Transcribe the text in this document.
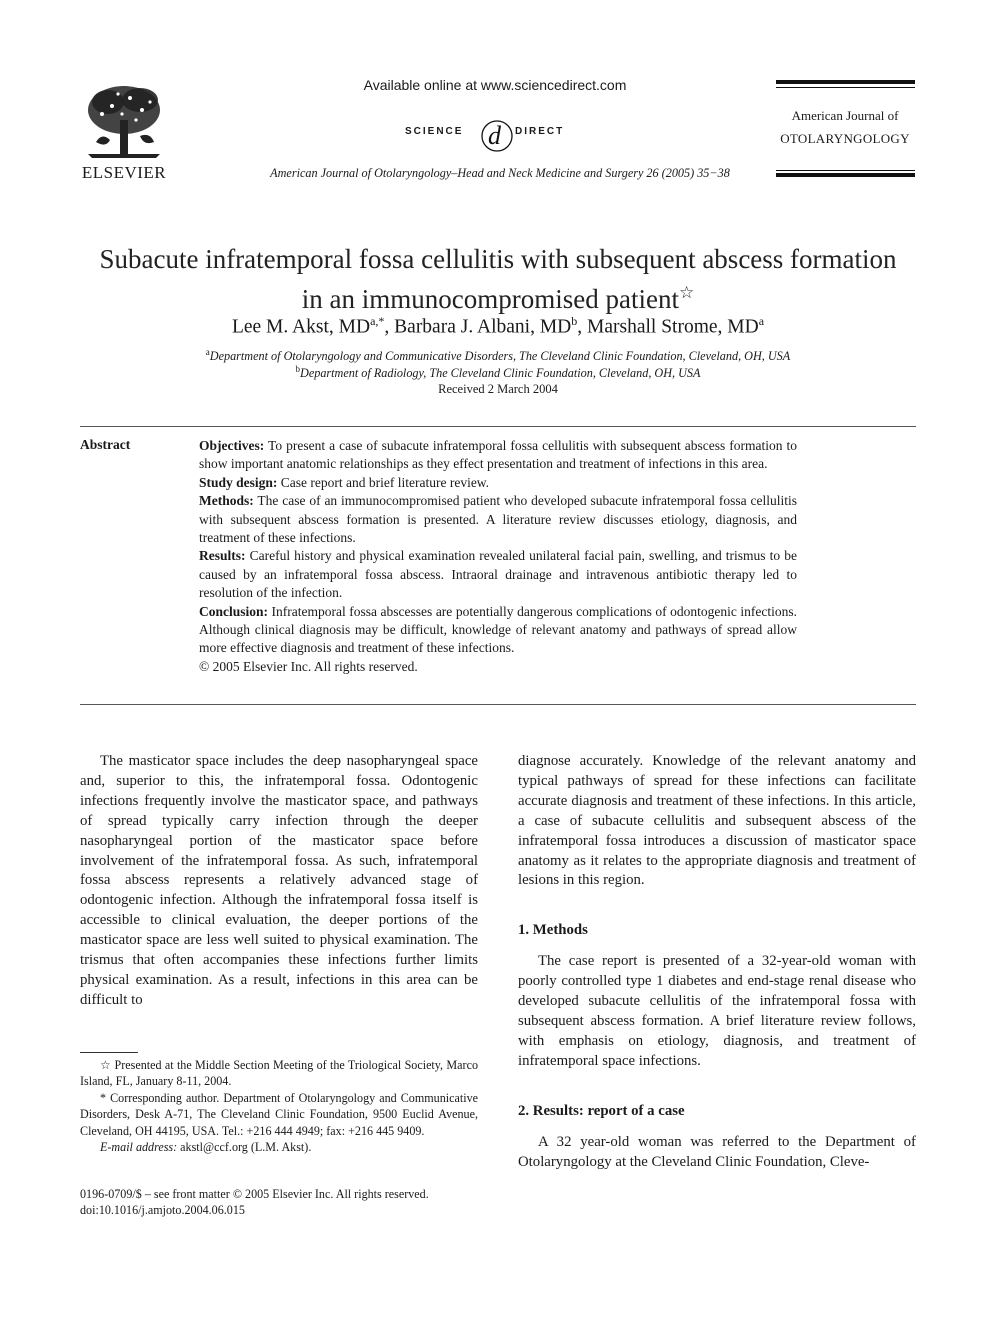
ELSEVIER
Available online at www.sciencedirect.com
SCIENCE d DIRECT
American Journal of Otolaryngology–Head and Neck Medicine and Surgery 26 (2005) 35−38
American Journal of
OTOLARYNGOLOGY
Subacute infratemporal fossa cellulitis with subsequent abscess formation
in an immunocompromised patient☆
Lee M. Akst, $MD^{a,*}$, Barbara J. Albani, $MD^b$, Marshall Strome, $MD^a$
$^a$Department of Otolaryngology and Communicative Disorders, The Cleveland Clinic Foundation, Cleveland, OH, USA
$^b$Department of Radiology, The Cleveland Clinic Foundation, Cleveland, OH, USA
Received 2 March 2004
Abstract	Objectives: To present a case of subacute infratemporal fossa cellulitis with subsequent abscess formation to show important anatomic relationships as they effect presentation and treatment of infections in this area.

Study design: Case report and brief literature review.

Methods: The case of an immunocompromised patient who developed subacute infratemporal fossa cellulitis with subsequent abscess formation is presented. A literature review discusses etiology, diagnosis, and treatment of these infections.

Results: Careful history and physical examination revealed unilateral facial pain, swelling, and trismus to be caused by an infratemporal fossa abscess. Intraoral drainage and intravenous antibiotic therapy led to resolution of the infection.

Conclusion: Infratemporal fossa abscesses are potentially dangerous complications of odontogenic infections. Although clinical diagnosis may be difficult, knowledge of relevant anatomy and pathways of spread allow more effective diagnosis and treatment of these infections.

© 2005 Elsevier Inc. All rights reserved.

The masticator space includes the deep nasopharyngeal space and, superior to this, the infratemporal fossa. Odontogenic infections frequently involve the masticator space, and pathways of spread typically carry infection through the deeper nasopharyngeal portion of the masticator space before involvement of the infratemporal fossa. As such, infratemporal fossa abscess represents a relatively advanced stage of odontogenic infection. Although the infratemporal fossa itself is accessible to clinical evaluation, the deeper portions of the masticator space are less well suited to physical examination. The trismus that often accompanies these infections further limits physical examination. As a result, infections in this area can be difficult to

diagnose accurately. Knowledge of the relevant anatomy and typical pathways of spread for these infections can facilitate accurate diagnosis and treatment of these infections. In this article, a case of subacute cellulitis and subsequent abscess of the infratemporal fossa introduces a discussion of masticator space anatomy as it relates to the appropriate diagnosis and treatment of lesions in this region.

1. Methods

The case report is presented of a 32-year-old woman with poorly controlled type 1 diabetes and end-stage renal disease who developed subacute cellulitis of the infratemporal fossa with subsequent abscess formation. A brief literature review follows, with emphasis on etiology, diagnosis, and treatment of infratemporal space infections.

2. Results: report of a case

A 32 year-old woman was referred to the Department of Otolaryngology at the Cleveland Clinic Foundation, Cleve-

☆ Presented at the Middle Section Meeting of the Triological Society, Marco Island, FL, January 8-11, 2004.

* Corresponding author. Department of Otolaryngology and Communicative Disorders, Desk A-71, The Cleveland Clinic Foundation, 9500 Euclid Avenue, Cleveland, OH 44195, USA. Tel.: +216 444 4949; fax: +216 445 9409.

E-mail address: akstl@ccf.org (L.M. Akst).

0196-0709/$ – see front matter © 2005 Elsevier Inc. All rights reserved.
doi:10.1016/j.amjoto.2004.06.015
